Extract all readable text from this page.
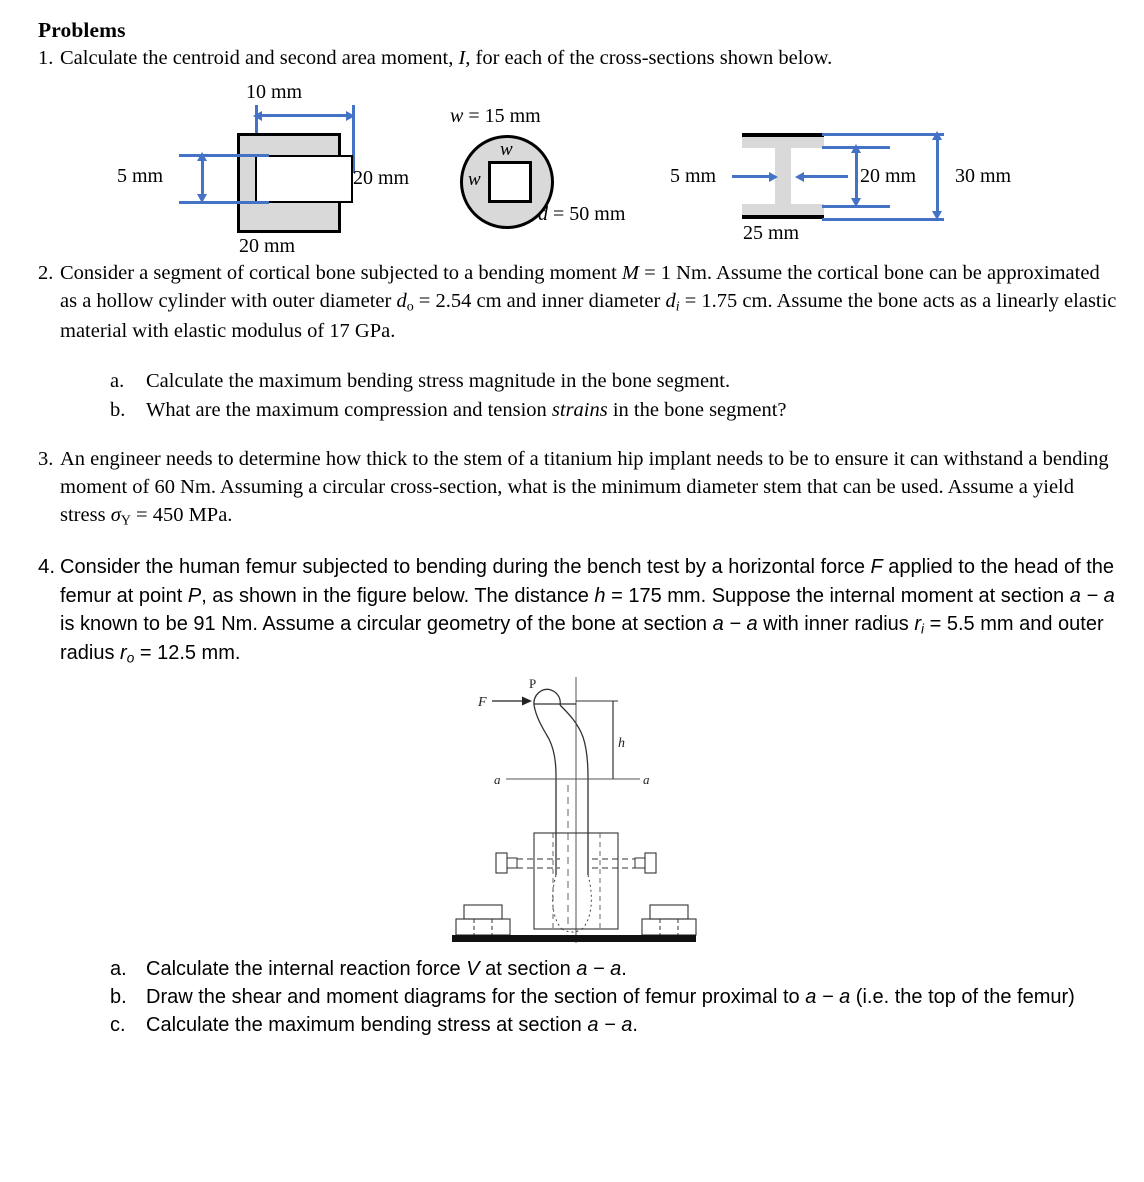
Problems
1. Calculate the centroid and second area moment, I, for each of the cross-sections shown below.
10 mm
5 mm	20 mm
20 mm
w = 15 mm
w
w
d = 50 mm
5 mm	20 mm 30 mm
25 mm
2. Consider a segment of cortical bone subjected to a bending moment M = 1 Nm. Assume the cortical bone can be approximated as a hollow cylinder with outer diameter do = 2.54 cm and inner diameter $d_i = 1.75$ cm. Assume the bone acts as a linearly elastic material with elastic modulus of 17 GPa.
a.	Calculate the maximum bending stress magnitude in the bone segment.
b.	What are the maximum compression and tension strains in the bone segment?
3. An engineer needs to determine how thick to the stem of a titanium hip implant needs to be to ensure it can withstand a bending moment of 60 Nm. Assuming a circular cross-section, what is the minimum diameter stem that can be used. Assume a yield stress σY = 450 MPa.
4. Consider the human femur subjected to bending during the bench test by a horizontal force F applied to the head of the femur at point P, as shown in the figure below. The distance h = 175 mm. Suppose the internal moment at section a − a is known to be 91 Nm. Assume a circular geometry of the bone at section a − a with inner radius $r_i = 5.5$ mm and outer radius $r_o = 12.5$ mm.
F
P
h
a	a
a. Calculate the internal reaction force V at section a − a.
b. Draw the shear and moment diagrams for the section of femur proximal to a − a (i.e. the top of the femur)
c.	Calculate the maximum bending stress at section a − a.
